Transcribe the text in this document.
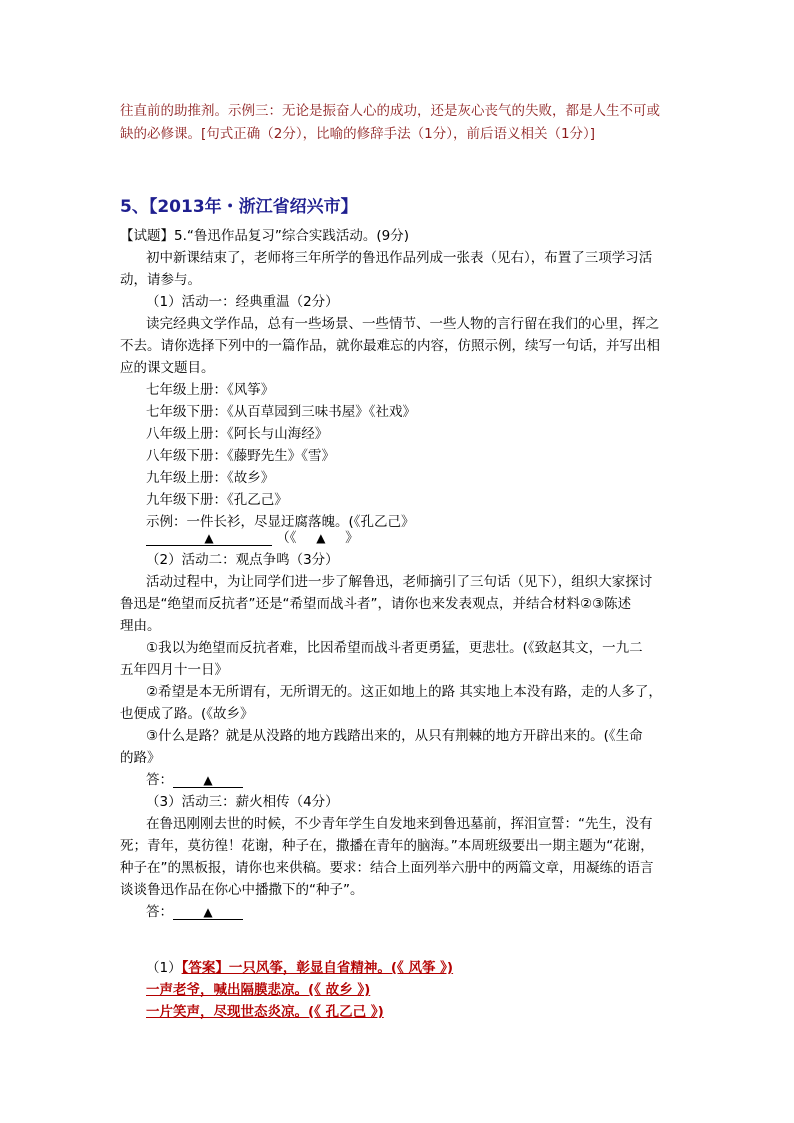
往直前的助推剂。示例三：无论是振奋人心的成功，还是灰心丧气的失败，都是人生不可或
缺的必修课。[句式正确（2分），比喻的修辞手法（1分），前后语义相关（1分）]
5、【2013年・浙江省绍兴市】
【试题】5.“鲁迅作品复习”综合实践活动。(9分)
初中新课结束了，老师将三年所学的鲁迅作品列成一张表（见右），布置了三项学习活
动，请参与。
（1）活动一：经典重温（2分）
读完经典文学作品，总有一些场景、一些情节、一些人物的言行留在我们的心里，挥之
不去。请你选择下列中的一篇作品，就你最难忘的内容，仿照示例，续写一句话，并写出相
应的课文题目。
七年级上册：《风筝》
七年级下册：《从百草园到三味书屋》《社戏》
八年级上册：《阿长与山海经》
八年级下册：《藤野先生》《雪》
九年级上册：《故乡》
九年级下册：《孔乙己》
示例：一件长衫，尽显迂腐落魄。(《孔乙己》
▲	（《 ▲ 》
（2）活动二：观点争鸣（3分）
活动过程中，为让同学们进一步了解鲁迅，老师摘引了三句话（见下），组织大家探讨
鲁迅是“绝望而反抗者”还是“希望而战斗者”，请你也来发表观点，并结合材料②③陈述
理由。
①我以为绝望而反抗者难，比因希望而战斗者更勇猛，更悲壮。(《致赵其文，一九二
五年四月十一日》
②希望是本无所谓有，无所谓无的。这正如地上的路 其实地上本没有路，走的人多了，
也便成了路。(《故乡》
③什么是路？就是从没路的地方践踏出来的，从只有荆棘的地方开辟出来的。(《生命
的路》
答：	▲
（3）活动三：薪火相传（4分）
在鲁迅刚刚去世的时候，不少青年学生自发地来到鲁迅墓前，挥泪宣誓：“先生，没有
死；青年，莫彷徨！花谢，种子在，撒播在青年的脑海。”本周班级要出一期主题为“花谢，
种子在”的黑板报，请你也来供稿。要求：结合上面列举六册中的两篇文章，用凝练的语言
谈谈鲁迅作品在你心中播撒下的“种子”。
答：	▲
（1）【答案】一只风筝，彰显自省精神。(《 风筝 》)
一声老爷，喊出隔膜悲凉。(《 故乡 》)
一片笑声，尽现世态炎凉。(《 孔乙己 》)
